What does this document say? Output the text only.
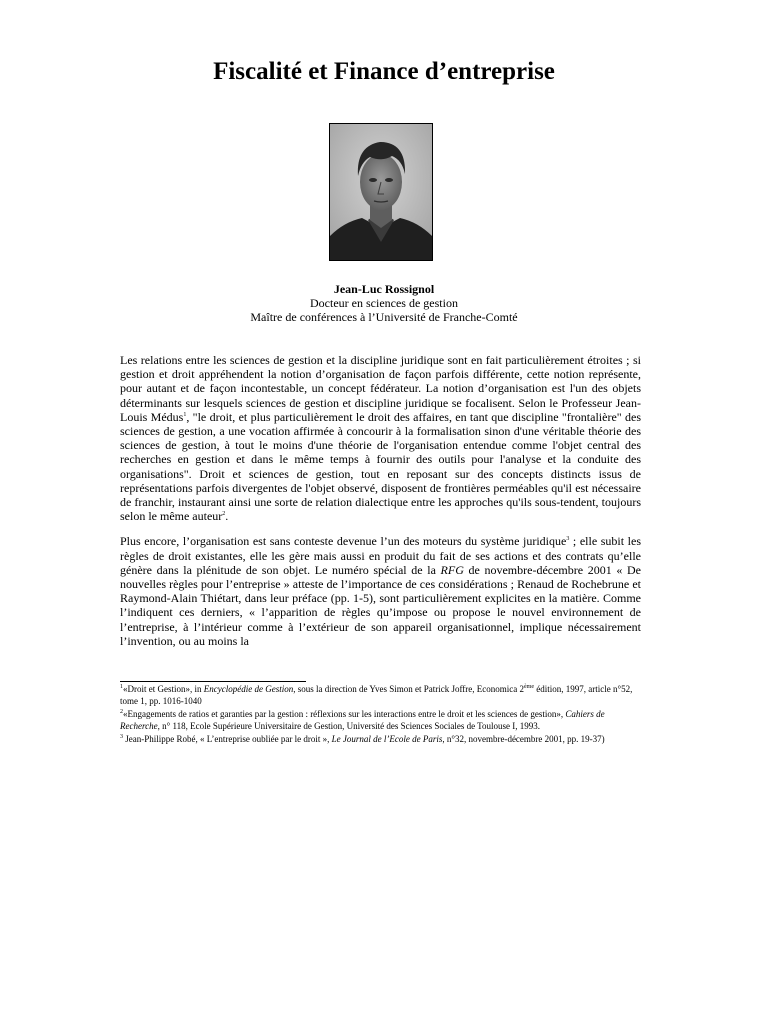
Fiscalité et Finance d’entreprise
Jean-Luc Rossignol
Docteur en sciences de gestion
Maître de conférences à l’Université de Franche-Comté

Les relations entre les sciences de gestion et la discipline juridique sont en fait particulièrement étroites ; si gestion et droit appréhendent la notion d’organisation de façon parfois différente, cette notion représente, pour autant et de façon incontestable, un concept fédérateur. La notion d’organisation est l'un des objets déterminants sur lesquels sciences de gestion et discipline juridique se focalisent. Selon le Professeur Jean-Louis Médus$^1$, "le droit, et plus particulièrement le droit des affaires, en tant que discipline "frontalière" des sciences de gestion, a une vocation affirmée à concourir à la formalisation sinon d'une véritable théorie des sciences de gestion, à tout le moins d'une théorie de l'organisation entendue comme l'objet central des recherches en gestion et dans le même temps à fournir des outils pour l'analyse et la conduite des organisations". Droit et sciences de gestion, tout en reposant sur des concepts distincts issus de représentations parfois divergentes de l'objet observé, disposent de frontières perméables qu'il est nécessaire de franchir, instaurant ainsi une sorte de relation dialectique entre les approches qu'ils sous-tendent, toujours selon le même auteur$^2$.

Plus encore, l’organisation est sans conteste devenue l’un des moteurs du système juridique$^3$ ; elle subit les règles de droit existantes, elle les gère mais aussi en produit du fait de ses actions et des contrats qu’elle génère dans la plénitude de son objet. Le numéro spécial de la RFG de novembre-décembre 2001 « De nouvelles règles pour l’entreprise » atteste de l’importance de ces considérations ; Renaud de Rochebrune et Raymond-Alain Thiétart, dans leur préface (pp. 1-5), sont particulièrement explicites en la matière. Comme l’indiquent ces derniers, « l’apparition de règles qu’impose ou propose le nouvel environnement de l’entreprise, à l’intérieur comme à l’extérieur de son appareil organisationnel, implique nécessairement l’invention, ou au moins la

$^1$«Droit et Gestion», in Encyclopédie de Gestion, sous la direction de Yves Simon et Patrick Joffre, Economica 2ème édition, 1997, article n°52, tome 1, pp. 1016-1040
$^2$«Engagements de ratios et garanties par la gestion : réflexions sur les interactions entre le droit et les sciences de gestion», Cahiers de Recherche, n° 118, Ecole Supérieure Universitaire de Gestion, Université des Sciences Sociales de Toulouse I, 1993.
$^3$ Jean-Philippe Robé, « L’entreprise oubliée par le droit », Le Journal de l’Ecole de Paris, n°32, novembre-décembre 2001, pp. 19-37)
